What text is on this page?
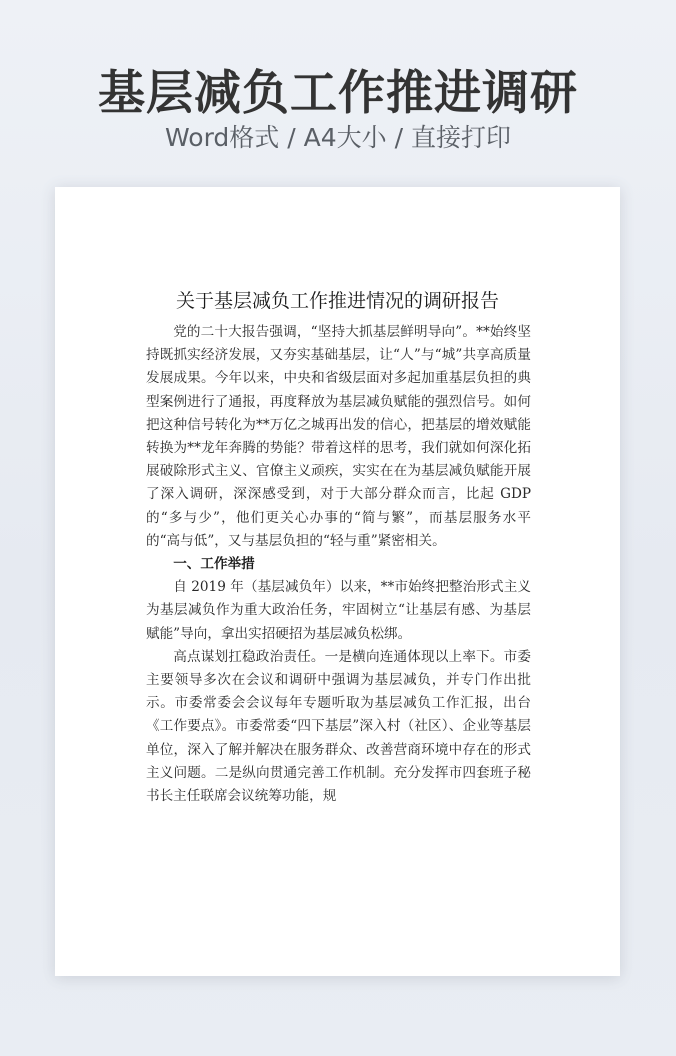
基层减负工作推进调研
Word格式 / A4大小 / 直接打印
关于基层减负工作推进情况的调研报告

党的二十大报告强调，“坚持大抓基层鲜明导向”。**始终坚持既抓实经济发展，又夯实基础基层，让“人”与“城”共享高质量发展成果。今年以来，中央和省级层面对多起加重基层负担的典型案例进行了通报，再度释放为基层减负赋能的强烈信号。如何把这种信号转化为**万亿之城再出发的信心，把基层的增效赋能转换为**龙年奔腾的势能？带着这样的思考，我们就如何深化拓展破除形式主义、官僚主义顽疾，实实在在为基层减负赋能开展了深入调研，深深感受到，对于大部分群众而言，比起 GDP 的“多与少”，他们更关心办事的“简与繁”，而基层服务水平的“高与低”，又与基层负担的“轻与重”紧密相关。

一、工作举措

自 2019 年（基层减负年）以来，**市始终把整治形式主义为基层减负作为重大政治任务，牢固树立“让基层有感、为基层赋能”导向，拿出实招硬招为基层减负松绑。

高点谋划扛稳政治责任。一是横向连通体现以上率下。市委主要领导多次在会议和调研中强调为基层减负，并专门作出批示。市委常委会会议每年专题听取为基层减负工作汇报，出台《工作要点》。市委常委“四下基层”深入村（社区）、企业等基层单位，深入了解并解决在服务群众、改善营商环境中存在的形式主义问题。二是纵向贯通完善工作机制。充分发挥市四套班子秘书长主任联席会议统筹功能，规
